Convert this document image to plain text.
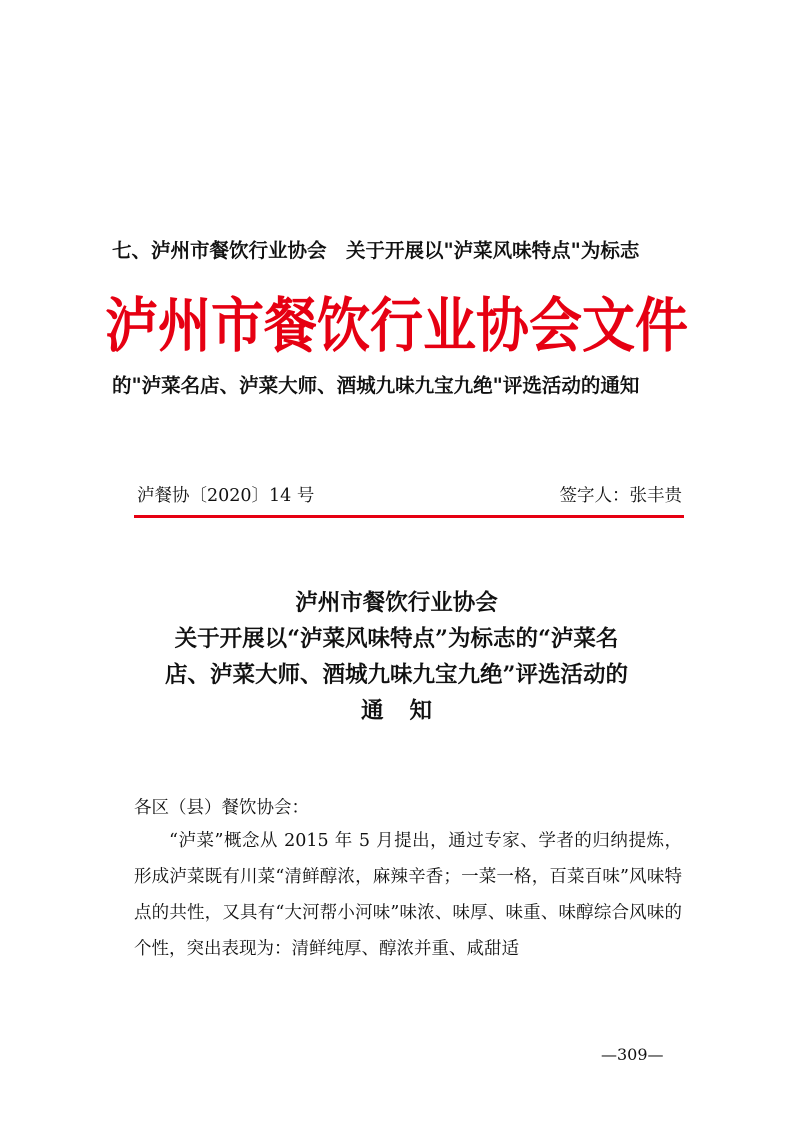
七、泸州市餐饮行业协会　关于开展以"泸菜风味特点"为标志

的"泸菜名店、泸菜大师、酒城九味九宝九绝"评选活动的通知

泸州市餐饮行业协会文件
泸餐协〔2020〕14 号	签字人：张丰贵
泸州市餐饮行业协会
关于开展以“泸菜风味特点”为标志的“泸菜名
店、泸菜大师、酒城九味九宝九绝”评选活动的
通知
各区（县）餐饮协会：

“泸菜”概念从 2015 年 5 月提出，通过专家、学者的归纳提炼，形成泸菜既有川菜“清鲜醇浓，麻辣辛香；一菜一格，百菜百味”风味特点的共性，又具有“大河帮小河味”味浓、味厚、味重、味醇综合风味的个性，突出表现为：清鲜纯厚、醇浓并重、咸甜适

—309—
